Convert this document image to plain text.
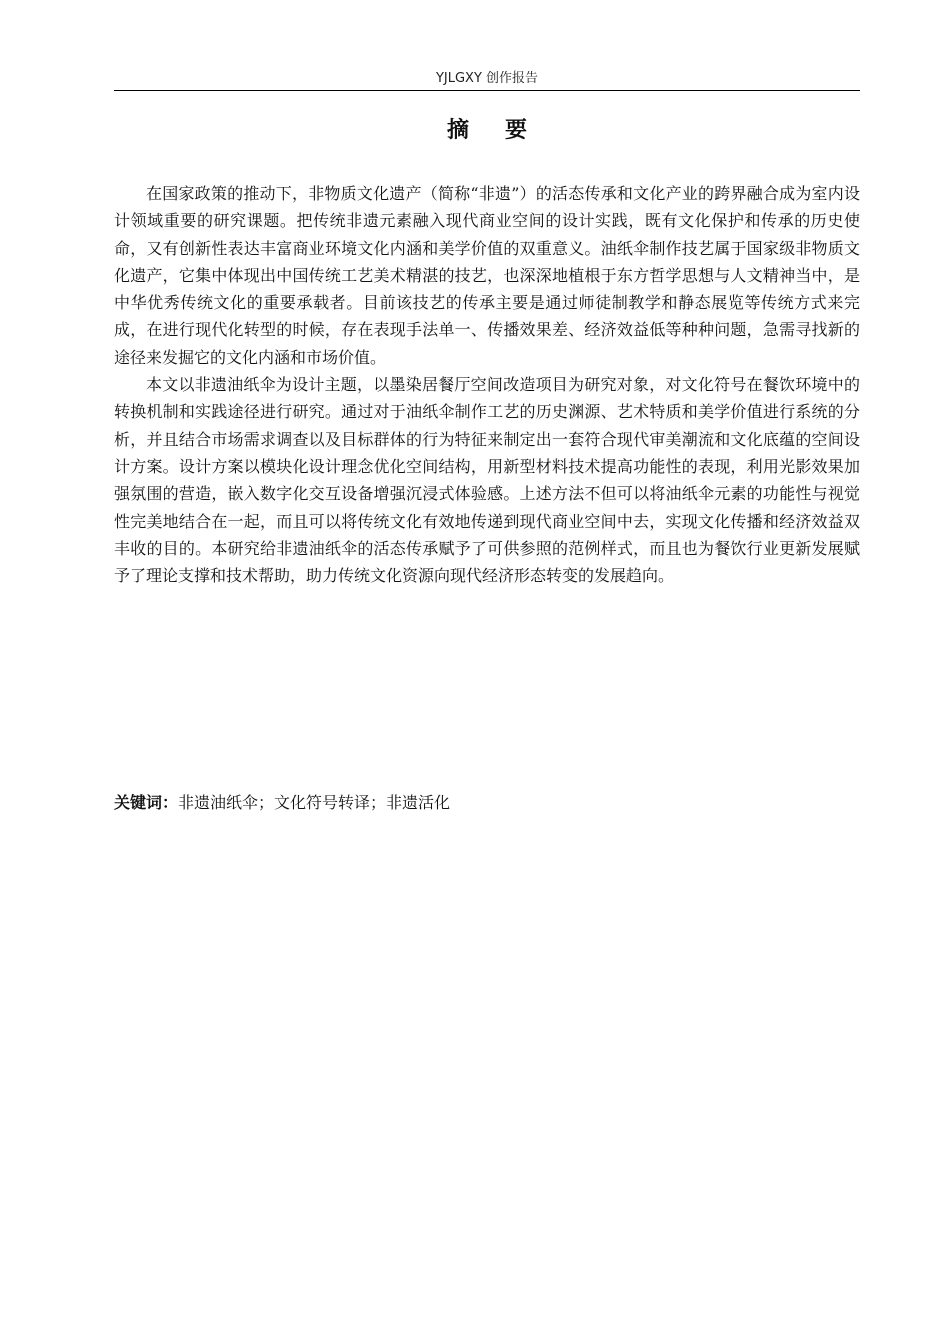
YJLGXY 创作报告
摘要

在国家政策的推动下，非物质文化遗产（简称“非遗”）的活态传承和文化产业的跨界融合成为室内设计领域重要的研究课题。把传统非遗元素融入现代商业空间的设计实践，既有文化保护和传承的历史使命，又有创新性表达丰富商业环境文化内涵和美学价值的双重意义。油纸伞制作技艺属于国家级非物质文化遗产，它集中体现出中国传统工艺美术精湛的技艺，也深深地植根于东方哲学思想与人文精神当中，是中华优秀传统文化的重要承载者。目前该技艺的传承主要是通过师徒制教学和静态展览等传统方式来完成，在进行现代化转型的时候，存在表现手法单一、传播效果差、经济效益低等种种问题，急需寻找新的途径来发掘它的文化内涵和市场价值。

本文以非遗油纸伞为设计主题，以墨染居餐厅空间改造项目为研究对象，对文化符号在餐饮环境中的转换机制和实践途径进行研究。通过对于油纸伞制作工艺的历史渊源、艺术特质和美学价值进行系统的分析，并且结合市场需求调查以及目标群体的行为特征来制定出一套符合现代审美潮流和文化底蕴的空间设计方案。设计方案以模块化设计理念优化空间结构，用新型材料技术提高功能性的表现，利用光影效果加强氛围的营造，嵌入数字化交互设备增强沉浸式体验感。上述方法不但可以将油纸伞元素的功能性与视觉性完美地结合在一起，而且可以将传统文化有效地传递到现代商业空间中去，实现文化传播和经济效益双丰收的目的。本研究给非遗油纸伞的活态传承赋予了可供参照的范例样式，而且也为餐饮行业更新发展赋予了理论支撑和技术帮助，助力传统文化资源向现代经济形态转变的发展趋向。

关键词：非遗油纸伞；文化符号转译；非遗活化
